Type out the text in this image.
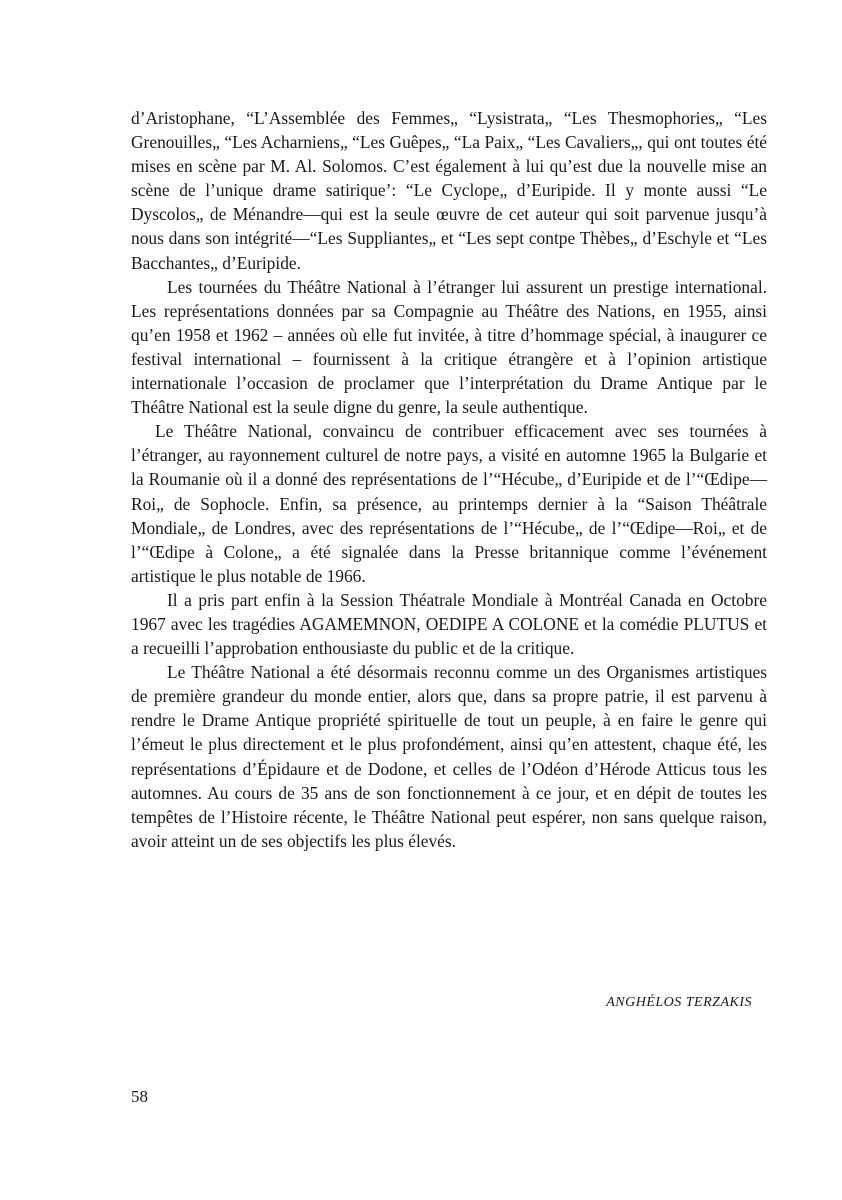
d’Aristophane, “L’Assemblée des Femmes„ “Lysistrata„ “Les Thesmophories„ “Les Grenouilles„ “Les Acharniens„ “Les Guêpes„ “La Paix„ “Les Cavaliers„, qui ont toutes été mises en scène par M. Al. Solomos. C’est également à lui qu’est due la nouvelle mise an scène de l’unique drame satirique’: “Le Cyclope„ d’Euripide. Il y monte aussi “Le Dyscolos„ de Ménandre—qui est la seule œuvre de cet auteur qui soit parvenue jusqu’à nous dans son intégrité—“Les Suppliantes„ et “Les sept contpe Thèbes„ d’Eschyle et “Les Bacchantes„ d’Euripide.

Les tournées du Théâtre National à l’étranger lui assurent un prestige international. Les représentations données par sa Compagnie au Théâtre des Nations, en 1955, ainsi qu’en 1958 et 1962 – années où elle fut invitée, à titre d’hommage spécial, à inaugurer ce festival international – fournissent à la critique étrangère et à l’opinion artistique internationale l’occasion de proclamer que l’interprétation du Drame Antique par le Théâtre National est la seule digne du genre, la seule authentique.

Le Théâtre National, convaincu de contribuer efficacement avec ses tournées à l’étranger, au rayonnement culturel de notre pays, a visité en automne 1965 la Bulgarie et la Roumanie où il a donné des représentations de l’“Hécube„ d’Euripide et de l’“Œdipe—Roi„ de Sophocle. Enfin, sa présence, au printemps dernier à la “Saison Théâtrale Mondiale„ de Londres, avec des représentations de l’“Hécube„ de l’“Œdipe—Roi„ et de l’“Œdipe à Colone„ a été signalée dans la Presse britannique comme l’événement artistique le plus notable de 1966.

Il a pris part enfin à la Session Théatrale Mondiale à Montréal Canada en Octobre 1967 avec les tragédies AGAMEMNON, OEDIPE A COLONE et la comédie PLUTUS et a recueilli l’approbation enthousiaste du public et de la critique.

Le Théâtre National a été désormais reconnu comme un des Organismes artistiques de première grandeur du monde entier, alors que, dans sa propre patrie, il est parvenu à rendre le Drame Antique propriété spirituelle de tout un peuple, à en faire le genre qui l’émeut le plus directement et le plus profondément, ainsi qu’en attestent, chaque été, les représentations d’Épidaure et de Dodone, et celles de l’Odéon d’Hérode Atticus tous les automnes. Au cours de 35 ans de son fonctionnement à ce jour, et en dépit de toutes les tempêtes de l’Histoire récente, le Théâtre National peut espérer, non sans quelque raison, avoir atteint un de ses objectifs les plus élevés.

ANGHÉLOS TERZAKIS
58
